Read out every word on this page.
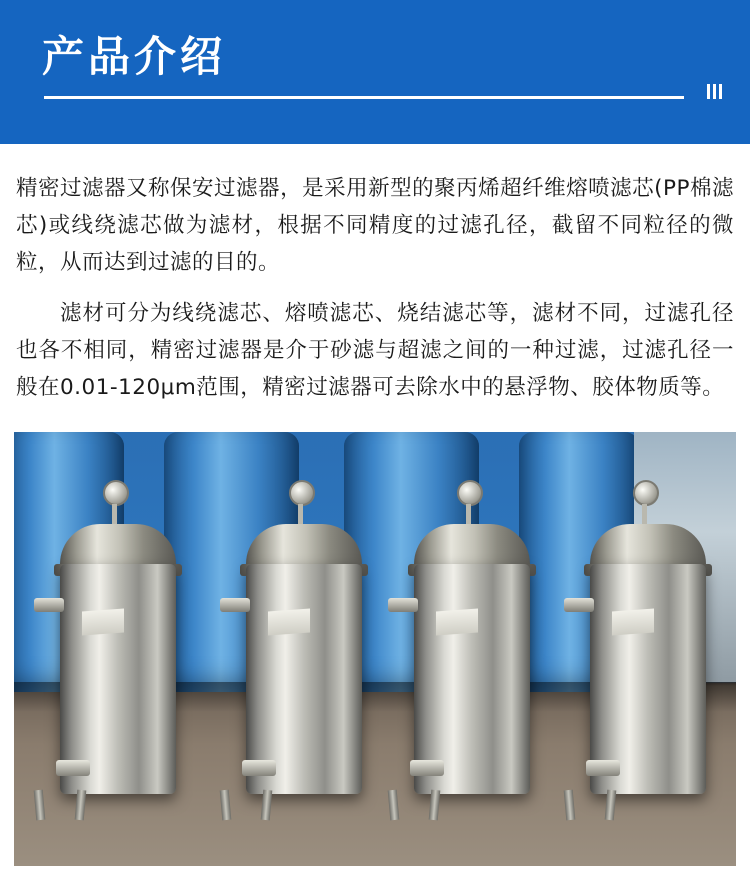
产品介绍

精密过滤器又称保安过滤器，是采用新型的聚丙烯超纤维熔喷滤芯(PP棉滤芯)或线绕滤芯做为滤材，根据不同精度的过滤孔径，截留不同粒径的微粒，从而达到过滤的目的。

滤材可分为线绕滤芯、熔喷滤芯、烧结滤芯等，滤材不同，过滤孔径也各不相同，精密过滤器是介于砂滤与超滤之间的一种过滤，过滤孔径一般在0.01-120μm范围，精密过滤器可去除水中的悬浮物、胶体物质等。
